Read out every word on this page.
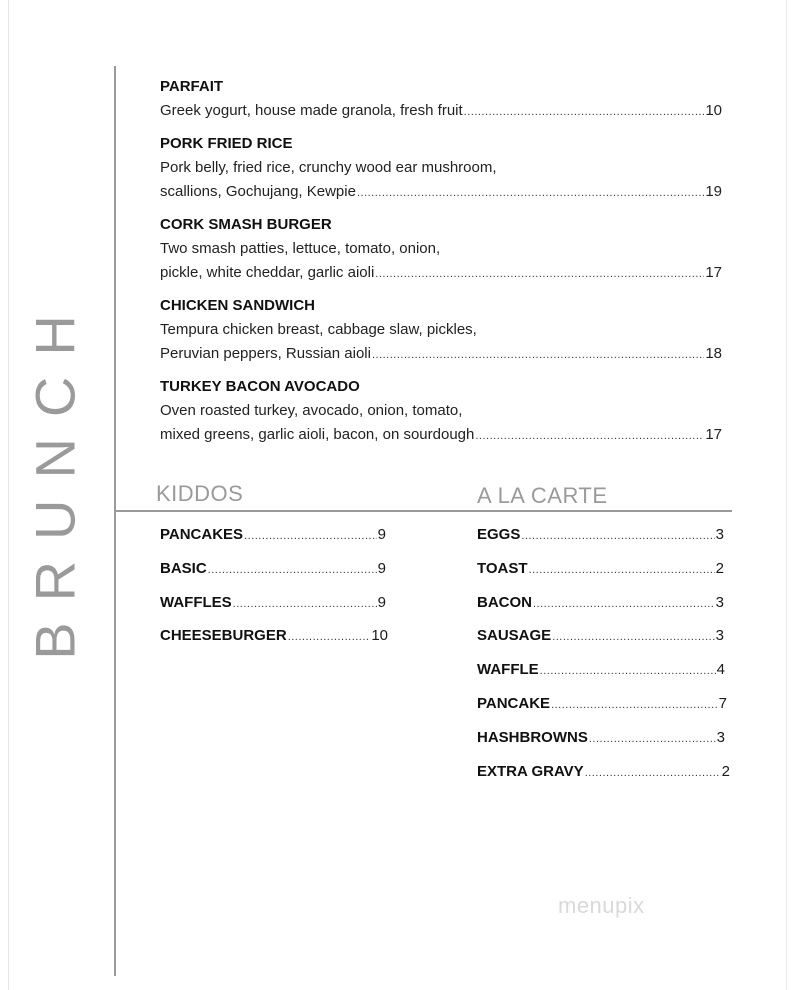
BRUNCH
PARFAIT
Greek yogurt, house made granola, fresh fruit .....	10
PORK FRIED RICE
Pork belly, fried rice, crunchy wood ear mushroom,
scallions, Gochujang, Kewpie .....	19
CORK SMASH BURGER
Two smash patties, lettuce, tomato, onion,
pickle, white cheddar, garlic aioli .....	17
CHICKEN SANDWICH
Tempura chicken breast, cabbage slaw, pickles,
Peruvian peppers, Russian aioli .....	18
TURKEY BACON AVOCADO
Oven roasted turkey, avocado, onion, tomato,
mixed greens, garlic aioli, bacon, on sourdough .....	17
KIDDOS	A LA CARTE
PANCAKES .....	9
BASIC .....	9
WAFFLES .....	9
CHEESEBURGER .....	10
EGGS .....	3
TOAST .....	2
BACON .....	3
SAUSAGE .....	3
WAFFLE .....	4
PANCAKE .....	7
HASHBROWNS .....	3
EXTRA GRAVY .....	2
menupix
